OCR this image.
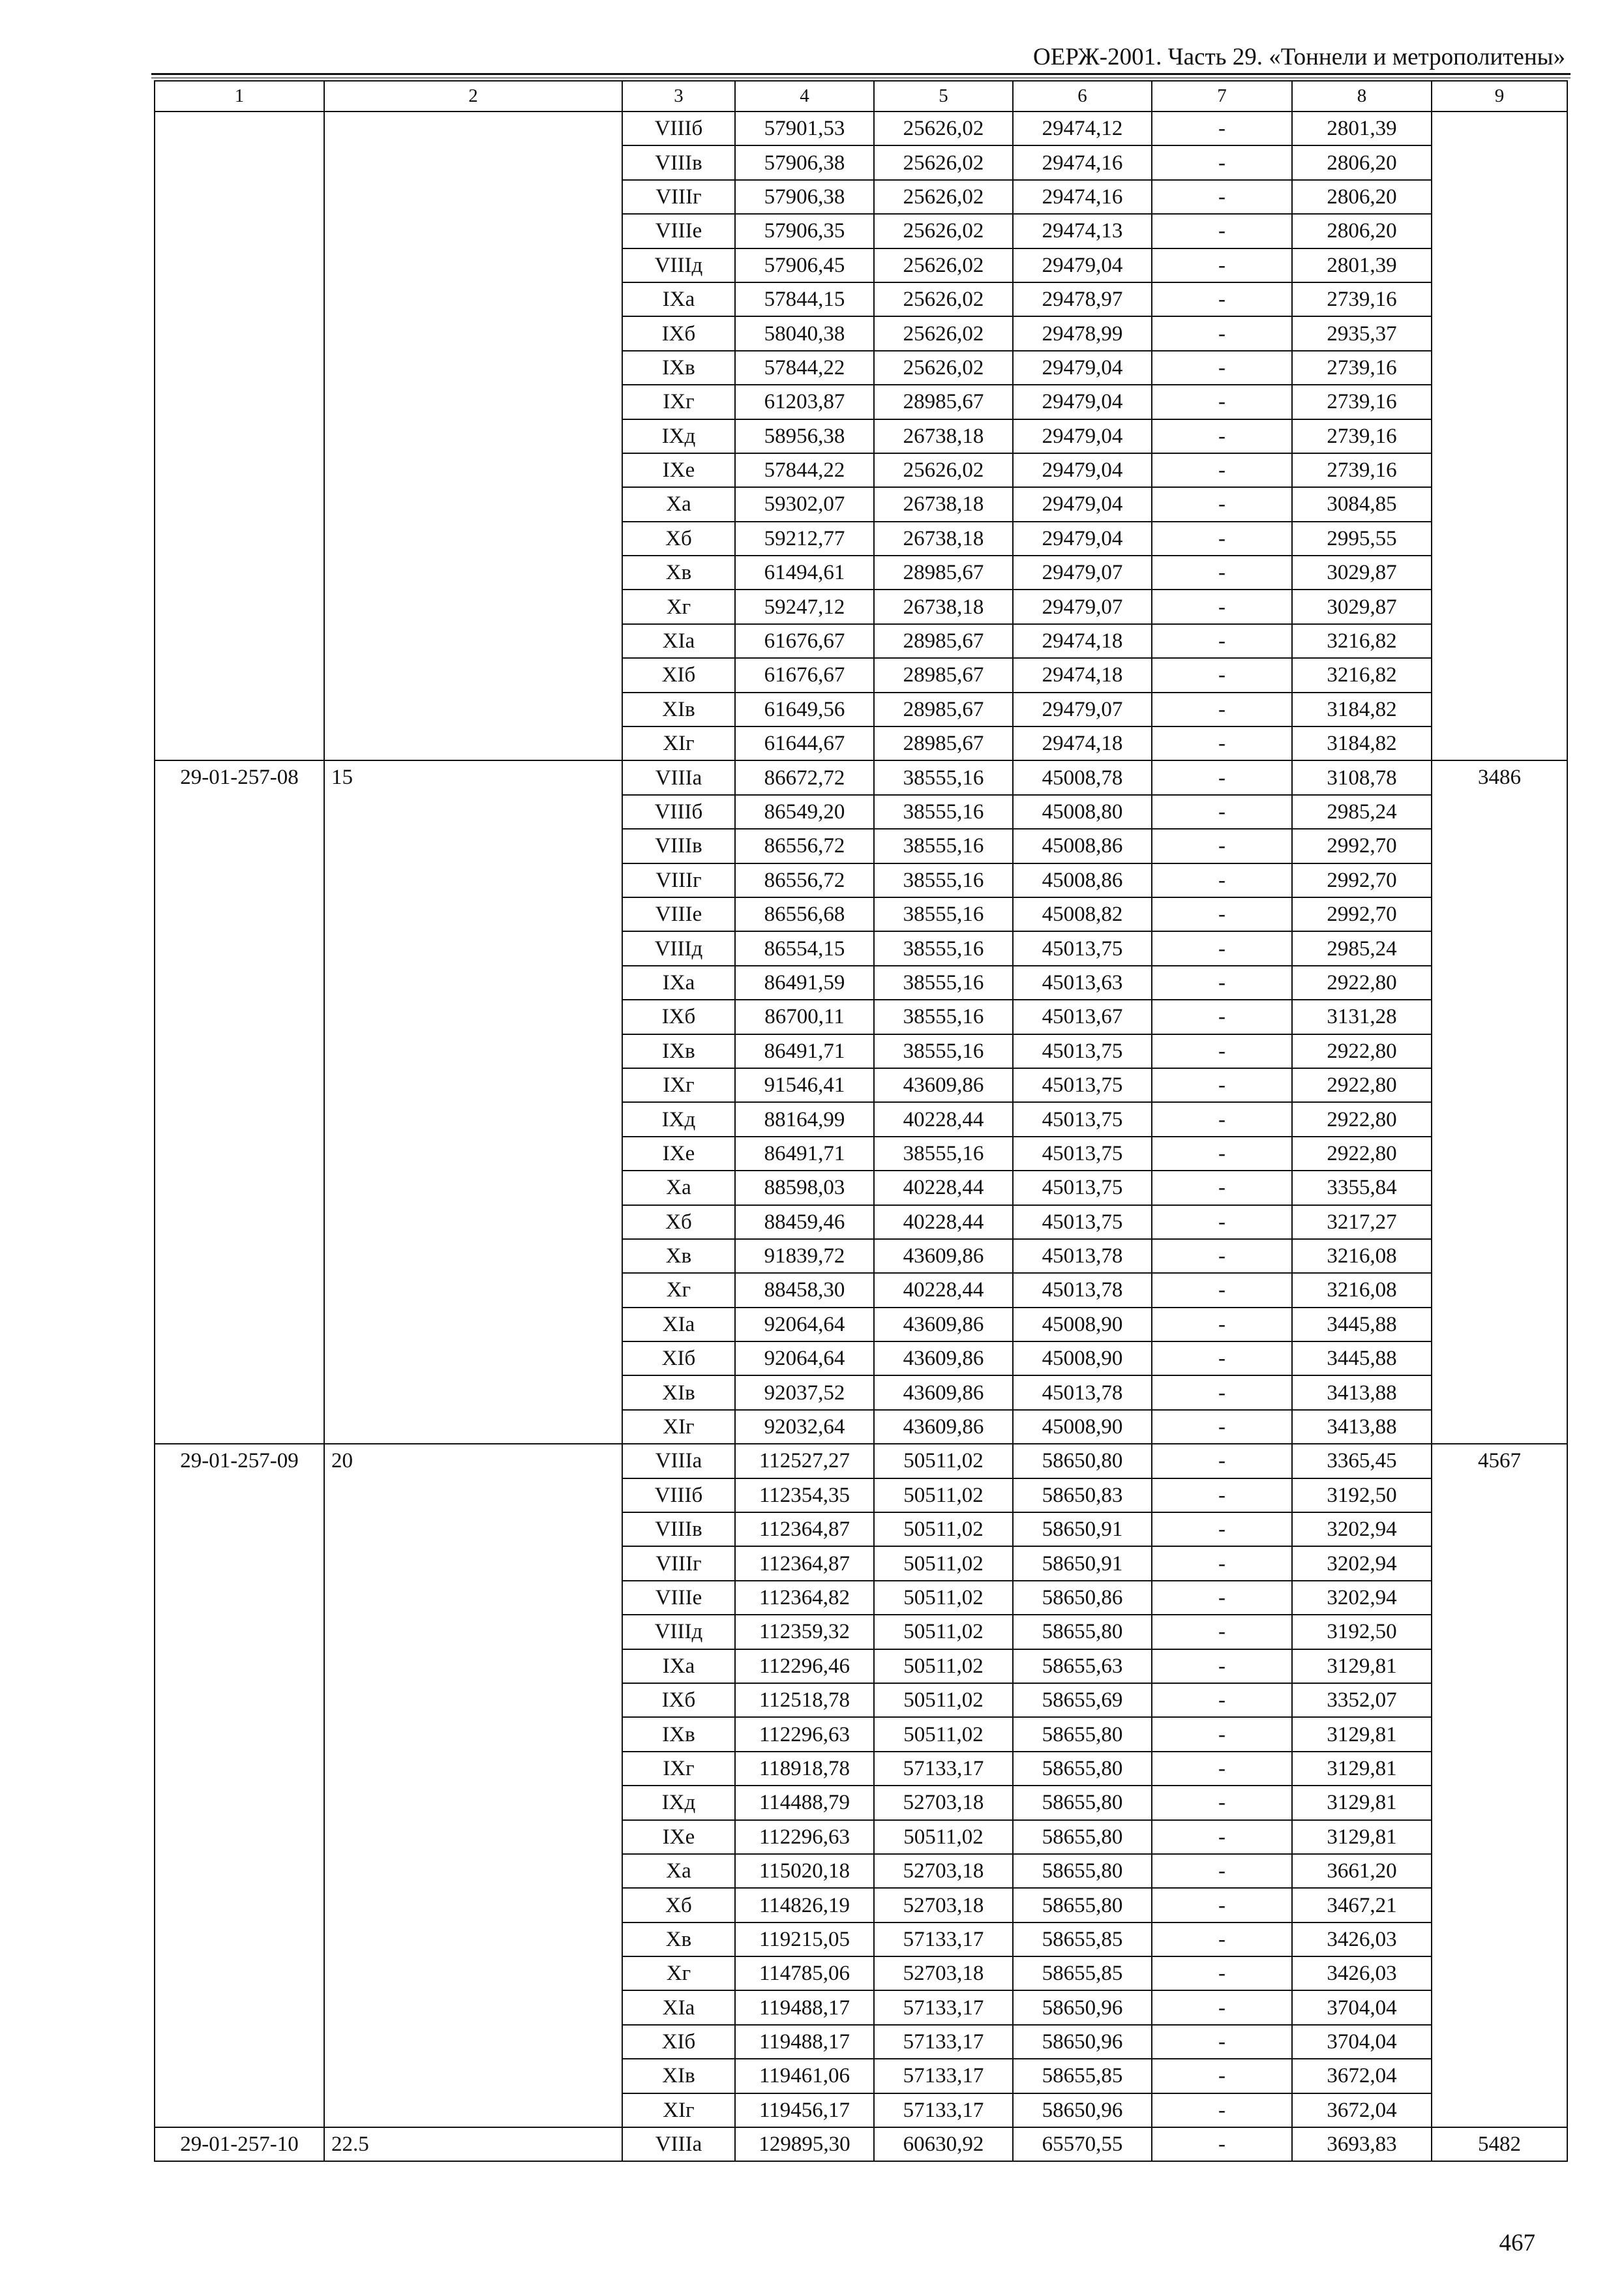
ОЕРЖ-2001. Часть 29. «Тоннели и метрополитены»
1	2	3	4	5	6	7	8	9
		VIIIб	57901,53	25626,02	29474,12	-	2801,39	
		VIIIв	57906,38	25626,02	29474,16	-	2806,20	
		VIIIг	57906,38	25626,02	29474,16	-	2806,20	
		VIIIе	57906,35	25626,02	29474,13	-	2806,20	
		VIIIд	57906,45	25626,02	29479,04	-	2801,39	
		IXа	57844,15	25626,02	29478,97	-	2739,16	
		IXб	58040,38	25626,02	29478,99	-	2935,37	
		IXв	57844,22	25626,02	29479,04	-	2739,16	
		IXг	61203,87	28985,67	29479,04	-	2739,16	
		IXд	58956,38	26738,18	29479,04	-	2739,16	
		IXе	57844,22	25626,02	29479,04	-	2739,16	
		Xа	59302,07	26738,18	29479,04	-	3084,85	
		Xб	59212,77	26738,18	29479,04	-	2995,55	
		Xв	61494,61	28985,67	29479,07	-	3029,87	
		Xг	59247,12	26738,18	29479,07	-	3029,87	
		XIа	61676,67	28985,67	29474,18	-	3216,82	
		XIб	61676,67	28985,67	29474,18	-	3216,82	
		XIв	61649,56	28985,67	29479,07	-	3184,82	
		XIг	61644,67	28985,67	29474,18	-	3184,82	
29-01-257-08	15	VIIIа	86672,72	38555,16	45008,78	-	3108,78	3486
		VIIIб	86549,20	38555,16	45008,80	-	2985,24	
		VIIIв	86556,72	38555,16	45008,86	-	2992,70	
		VIIIг	86556,72	38555,16	45008,86	-	2992,70	
		VIIIе	86556,68	38555,16	45008,82	-	2992,70	
		VIIIд	86554,15	38555,16	45013,75	-	2985,24	
		IXа	86491,59	38555,16	45013,63	-	2922,80	
		IXб	86700,11	38555,16	45013,67	-	3131,28	
		IXв	86491,71	38555,16	45013,75	-	2922,80	
		IXг	91546,41	43609,86	45013,75	-	2922,80	
		IXд	88164,99	40228,44	45013,75	-	2922,80	
		IXе	86491,71	38555,16	45013,75	-	2922,80	
		Xа	88598,03	40228,44	45013,75	-	3355,84	
		Xб	88459,46	40228,44	45013,75	-	3217,27	
		Xв	91839,72	43609,86	45013,78	-	3216,08	
		Xг	88458,30	40228,44	45013,78	-	3216,08	
		XIа	92064,64	43609,86	45008,90	-	3445,88	
		XIб	92064,64	43609,86	45008,90	-	3445,88	
		XIв	92037,52	43609,86	45013,78	-	3413,88	
		XIг	92032,64	43609,86	45008,90	-	3413,88	
29-01-257-09	20	VIIIа	112527,27	50511,02	58650,80	-	3365,45	4567
		VIIIб	112354,35	50511,02	58650,83	-	3192,50	
		VIIIв	112364,87	50511,02	58650,91	-	3202,94	
		VIIIг	112364,87	50511,02	58650,91	-	3202,94	
		VIIIе	112364,82	50511,02	58650,86	-	3202,94	
		VIIIд	112359,32	50511,02	58655,80	-	3192,50	
		IXа	112296,46	50511,02	58655,63	-	3129,81	
		IXб	112518,78	50511,02	58655,69	-	3352,07	
		IXв	112296,63	50511,02	58655,80	-	3129,81	
		IXг	118918,78	57133,17	58655,80	-	3129,81	
		IXд	114488,79	52703,18	58655,80	-	3129,81	
		IXе	112296,63	50511,02	58655,80	-	3129,81	
		Xа	115020,18	52703,18	58655,80	-	3661,20	
		Xб	114826,19	52703,18	58655,80	-	3467,21	
		Xв	119215,05	57133,17	58655,85	-	3426,03	
		Xг	114785,06	52703,18	58655,85	-	3426,03	
		XIа	119488,17	57133,17	58650,96	-	3704,04	
		XIб	119488,17	57133,17	58650,96	-	3704,04	
		XIв	119461,06	57133,17	58655,85	-	3672,04	
		XIг	119456,17	57133,17	58650,96	-	3672,04	
29-01-257-10	22.5	VIIIа	129895,30	60630,92	65570,55	-	3693,83	5482
467
